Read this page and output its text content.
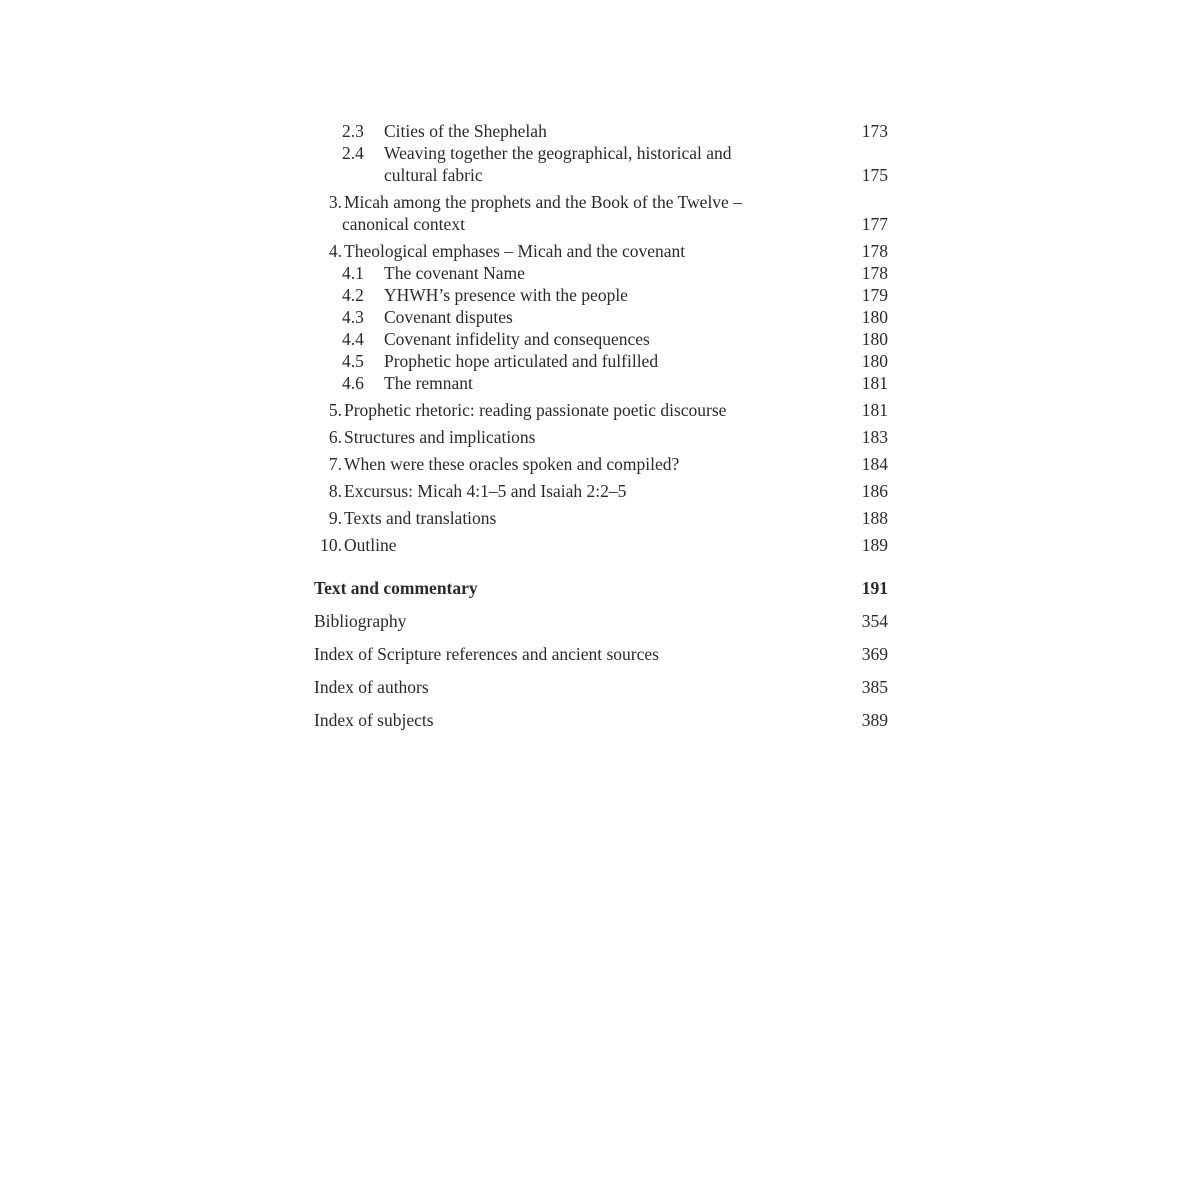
2.3 Cities of the Shephelah	173
2.4 Weaving together the geographical, historical and
cultural fabric	175
3. Micah among the prophets and the Book of the Twelve –
canonical context	177
4. Theological emphases – Micah and the covenant	178
4.1 The covenant Name	178
4.2 YHWH’s presence with the people	179
4.3 Covenant disputes	180
4.4 Covenant infidelity and consequences	180
4.5 Prophetic hope articulated and fulfilled	180
4.6 The remnant	181
5. Prophetic rhetoric: reading passionate poetic discourse	181
6. Structures and implications	183
7. When were these oracles spoken and compiled?	184
8. Excursus: Micah 4:1–5 and Isaiah 2:2–5	186
9. Texts and translations	188
10. Outline	189
Text and commentary	191
Bibliography	354
Index of Scripture references and ancient sources	369
Index of authors	385
Index of subjects	389
